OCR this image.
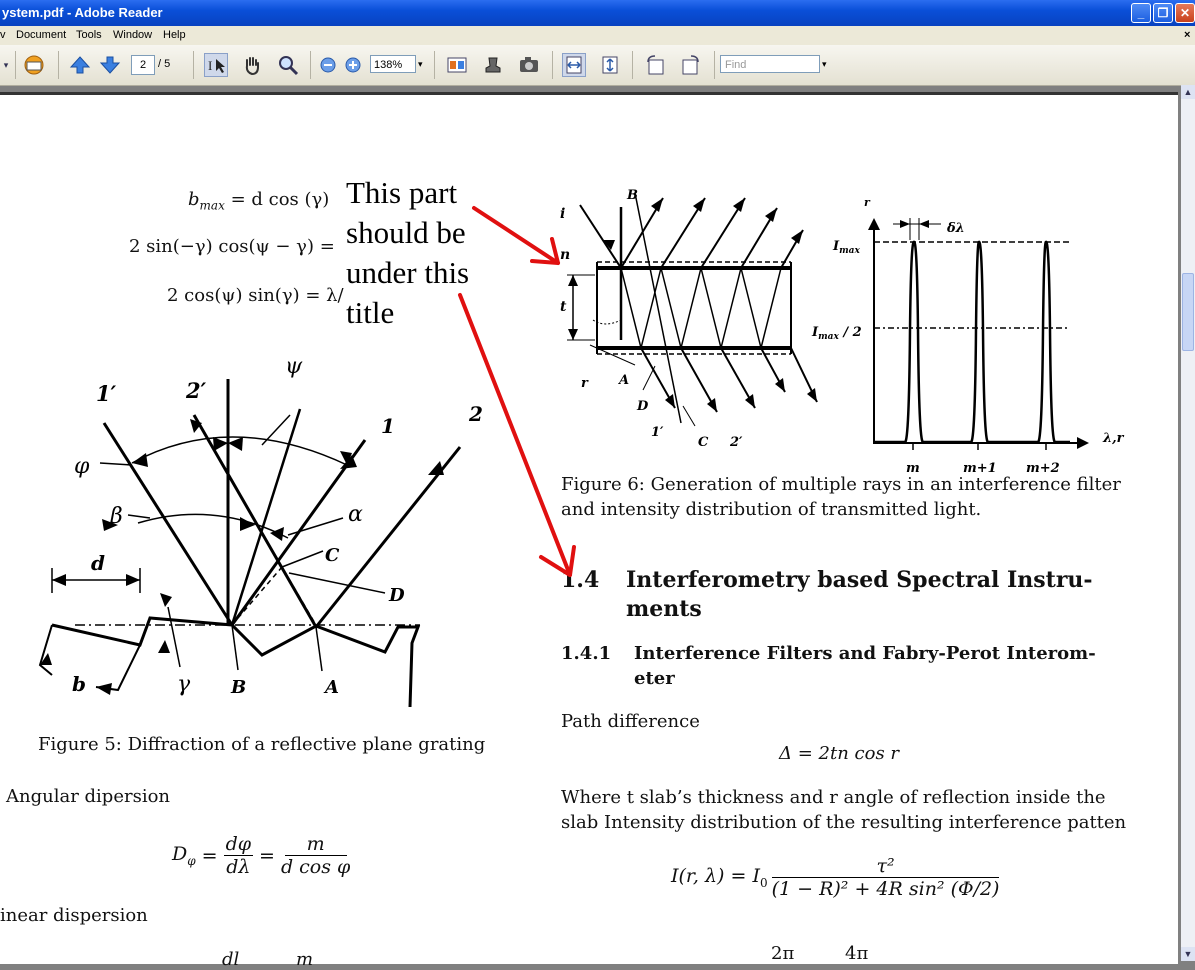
ystem.pdf - Adobe Reader	_	❐ ✕
v Document Tools Window Help	×
▾	2	/ 5	I	138%	▾	Find	▾
▲
▼
$b_{max} = d$ cos (γ)
2 sin(−γ) cos(ψ − γ) =
2 cos(ψ) sin(γ) = λ/
1′	2′
ψ
1	2
φ
β	α
C
D
d
b	γ B	A
Figure 5: Diffraction of a reflective plane grating
Angular dipersion
$D_\varphi = \frac{d\varphi}{d\lambda} = \frac{m}{\text{d cos φ}}$
inear dispersion
dl	m
B
i
n
t
r A
D
1′
C 2′
r
δλ
$I_{max}$
$I_{max} / 2$
λ,r
m	m+1 m+2
Figure 6: Generation of multiple rays in an interference filter
and intensity distribution of transmitted light.
1.4 Interferometry based Spectral Instru-
ments
1.4.1 Interference Filters and Fabry-Perot Interom-
eter
Path difference
Δ = 2tn cos r
Where t slab’s thickness and r angle of reflection inside the
slab Intensity distribution of the resulting interference patten
I(r, $\lambda) = I_0$
τ²
(1 − R)² + 4R sin² (Φ/2)
2π	4π
This part
should be
under this
title
